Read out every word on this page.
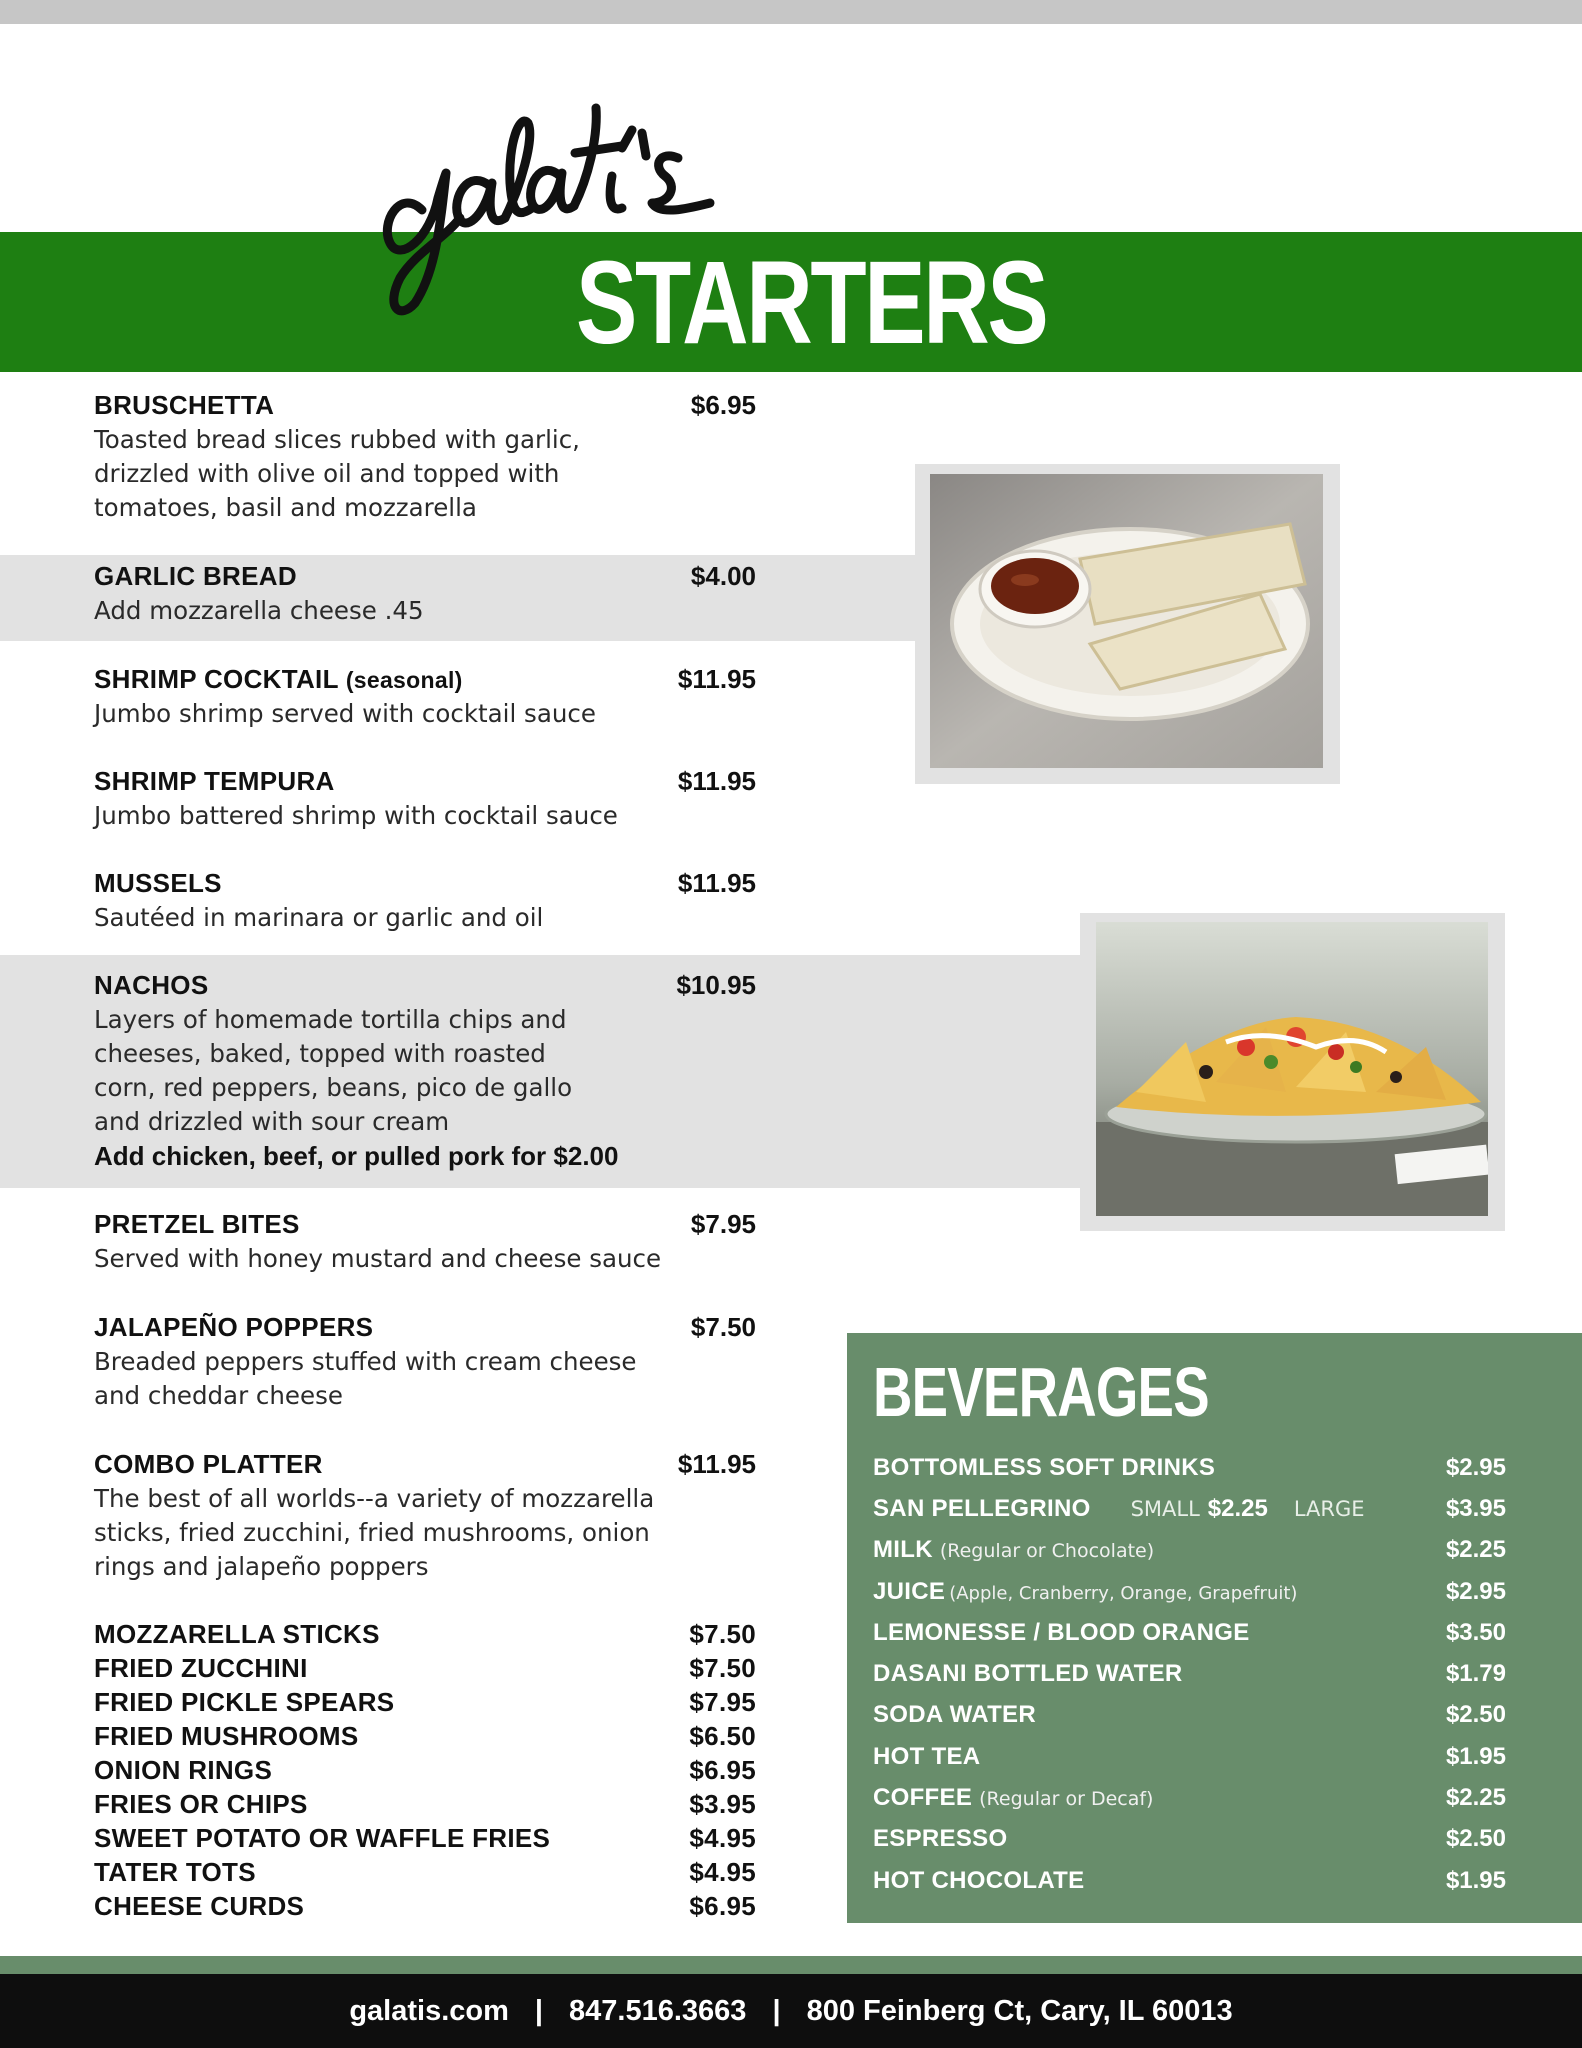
STARTERS
BRUSCHETTA	$6.95
Toasted bread slices rubbed with garlic,
drizzled with olive oil and topped with
tomatoes, basil and mozzarella
GARLIC BREAD	$4.00
Add mozzarella cheese .45
SHRIMP COCKTAIL (seasonal)	$11.95
Jumbo shrimp served with cocktail sauce
SHRIMP TEMPURA	$11.95
Jumbo battered shrimp with cocktail sauce
MUSSELS	$11.95
Sautéed in marinara or garlic and oil
NACHOS	$10.95
Layers of homemade tortilla chips and
cheeses, baked, topped with roasted
corn, red peppers, beans, pico de gallo
and drizzled with sour cream
Add chicken, beef, or pulled pork for $2.00
PRETZEL BITES	$7.95
Served with honey mustard and cheese sauce
JALAPEÑO POPPERS	$7.50
Breaded peppers stuffed with cream cheese
and cheddar cheese
COMBO PLATTER	$11.95
The best of all worlds--a variety of mozzarella
sticks, fried zucchini, fried mushrooms, onion
rings and jalapeño poppers
MOZZARELLA STICKS	$7.50
FRIED ZUCCHINI	$7.50
FRIED PICKLE SPEARS	$7.95
FRIED MUSHROOMS	$6.50
ONION RINGS	$6.95
FRIES OR CHIPS	$3.95
SWEET POTATO OR WAFFLE FRIES	$4.95
TATER TOTS	$4.95
CHEESE CURDS	$6.95
BEVERAGES
BOTTOMLESS SOFT DRINKS	$2.95
SAN PELLEGRINO SMALL $2.25 LARGE	$3.95
MILK (Regular or Chocolate)	$2.25
JUICE (Apple, Cranberry, Orange, Grapefruit)	$2.95
LEMONESSE / BLOOD ORANGE	$3.50
DASANI BOTTLED WATER	$1.79
SODA WATER	$2.50
HOT TEA	$1.95
COFFEE (Regular or Decaf)	$2.25
ESPRESSO	$2.50
HOT CHOCOLATE	$1.95
galatis.com | 847.516.3663 | 800 Feinberg Ct, Cary, IL 60013
